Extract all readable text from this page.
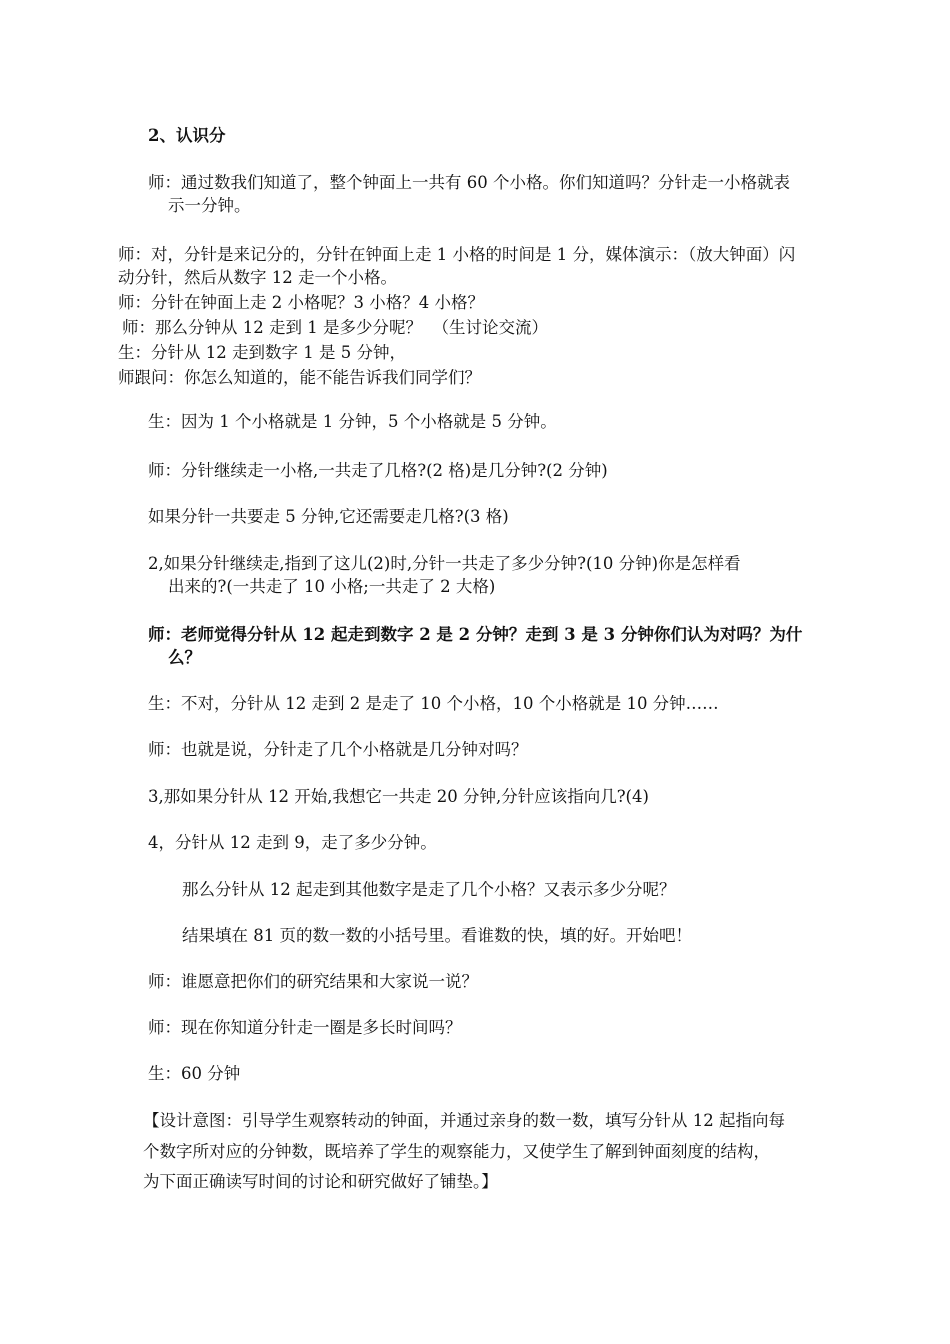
2、认识分
师：通过数我们知道了，整个钟面上一共有 60 个小格。你们知道吗？分针走一小格就表
示一分钟。
师：对，分针是来记分的，分针在钟面上走 1 小格的时间是 1 分，媒体演示：（放大钟面）闪
动分针，然后从数字 12 走一个小格。
师：分针在钟面上走 2 小格呢？3 小格？4 小格？
师：那么分钟从 12 走到 1 是多少分呢？  （生讨论交流）
生：分针从 12 走到数字 1 是 5 分钟，
师跟问：你怎么知道的，能不能告诉我们同学们？
生：因为 1 个小格就是 1 分钟，5 个小格就是 5 分钟。
师：分针继续走一小格,一共走了几格?(2 格)是几分钟?(2 分钟)
如果分针一共要走 5 分钟,它还需要走几格?(3 格)
2,如果分针继续走,指到了这儿(2)时,分针一共走了多少分钟?(10 分钟)你是怎样看
出来的?(一共走了 10 小格;一共走了 2 大格)
师：老师觉得分针从 12 起走到数字 2 是 2 分钟？走到 3 是 3 分钟你们认为对吗？为什
么？
生：不对，分针从 12 走到 2 是走了 10 个小格，10 个小格就是 10 分钟……
师：也就是说，分针走了几个小格就是几分钟对吗？
3,那如果分针从 12 开始,我想它一共走 20 分钟,分针应该指向几?(4)
4，分针从 12 走到 9，走了多少分钟。
那么分针从 12 起走到其他数字是走了几个小格？又表示多少分呢？
结果填在 81 页的数一数的小括号里。看谁数的快，填的好。开始吧！
师：谁愿意把你们的研究结果和大家说一说？
师：现在你知道分针走一圈是多长时间吗？
生：60 分钟
【设计意图：引导学生观察转动的钟面，并通过亲身的数一数，填写分针从 12 起指向每
个数字所对应的分钟数，既培养了学生的观察能力，又使学生了解到钟面刻度的结构，
为下面正确读写时间的讨论和研究做好了铺垫。】
